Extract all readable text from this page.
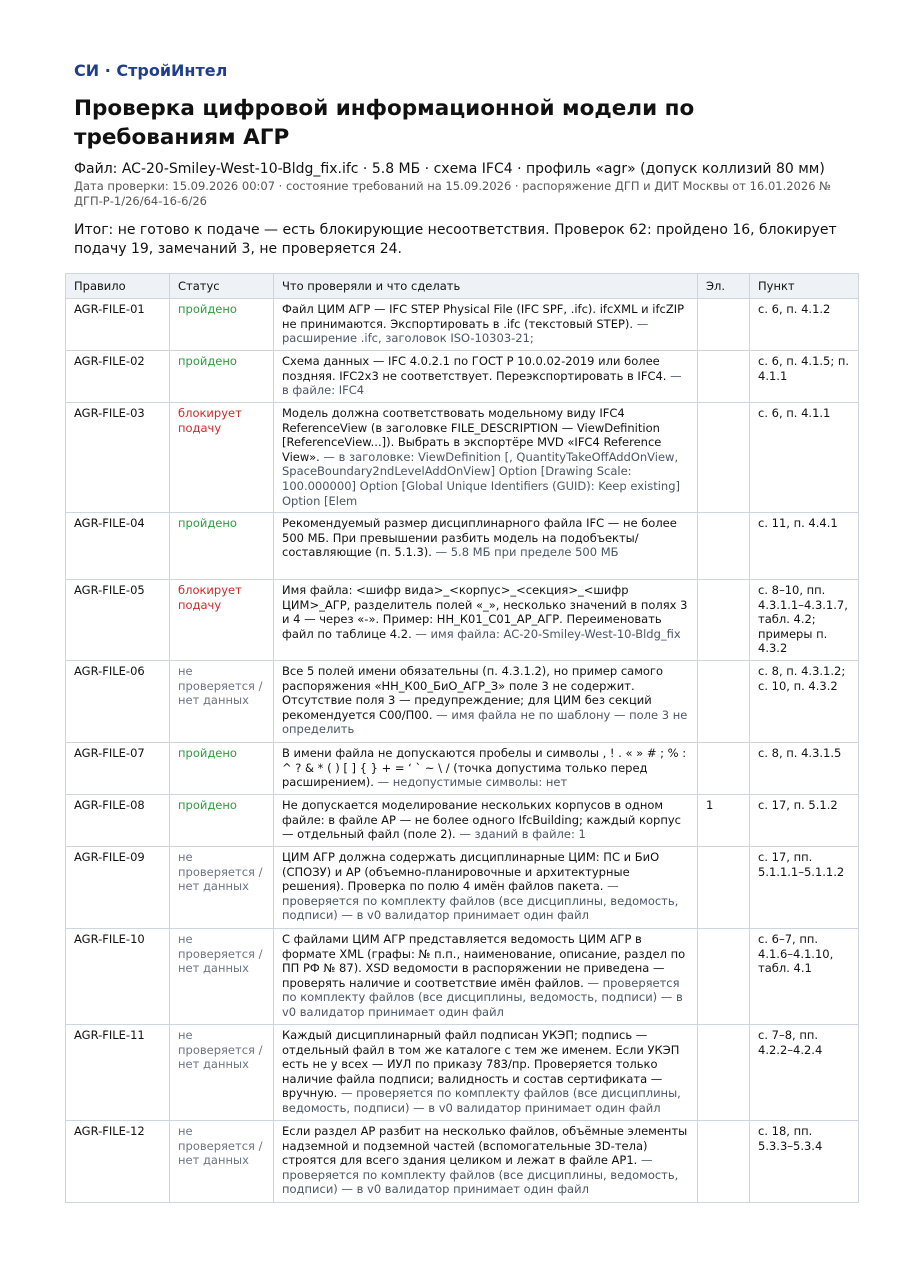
СИ · СтройИнтел
Проверка цифровой информационной модели по требованиям АГР
Файл: AC-20-Smiley-West-10-Bldg_fix.ifc · 5.8 МБ · схема IFC4 · профиль «agr» (допуск коллизий 80 мм)
Дата проверки: 15.09.2026 00:07 · состояние требований на 15.09.2026 · распоряжение ДГП и ДИТ Москвы от 16.01.2026 № ДГП-Р-1/26/64-16-6/26
Итог: не готово к подаче — есть блокирующие несоответствия. Проверок 62: пройдено 16, блокирует подачу 19, замечаний 3, не проверяется 24.
Правило	Статус	Что проверяли и что сделать	Эл.	Пункт
AGR-FILE-01	пройдено	Файл ЦИМ АГР — IFC STEP Physical File (IFC SPF, .ifc). ifcXML и ifcZIP не принимаются. Экспортировать в .ifc (текстовый STEP). — расширение .ifc, заголовок ISO-10303-21;		с. 6, п. 4.1.2
AGR-FILE-02	пройдено	Схема данных — IFC 4.0.2.1 по ГОСТ Р 10.0.02-2019 или более поздняя. IFC2x3 не соответствует. Переэкспортировать в IFC4. — в файле: IFC4		с. 6, п. 4.1.5; п. 4.1.1
AGR-FILE-03	блокирует подачу	Модель должна соответствовать модельному виду IFC4 ReferenceView (в заголовке FILE_DESCRIPTION — ViewDefinition [ReferenceView...]). Выбрать в экспортёре MVD «IFC4 Reference View». — в заголовке: ViewDefinition [, QuantityTakeOffAddOnView, SpaceBoundary2ndLevelAddOnView] Option [Drawing Scale: 100.000000] Option [Global Unique Identifiers (GUID): Keep existing] Option [Elem		с. 6, п. 4.1.1
AGR-FILE-04	пройдено	Рекомендуемый размер дисциплинарного файла IFC — не более 500 МБ. При превышении разбить модель на подобъекты/составляющие (п. 5.1.3). — 5.8 МБ при пределе 500 МБ		с. 11, п. 4.4.1
AGR-FILE-05	блокирует подачу	Имя файла: <шифр вида>_<корпус>_<секция>_<шифр ЦИМ>_АГР, разделитель полей «_», несколько значений в полях 3 и 4 — через «-». Пример: НН_К01_С01_АР_АГР. Переименовать файл по таблице 4.2. — имя файла: AC-20-Smiley-West-10-Bldg_fix		с. 8–10, пп. 4.3.1.1–4.3.1.7, табл. 4.2; примеры п. 4.3.2
AGR-FILE-06	не проверяется / нет данных	Все 5 полей имени обязательны (п. 4.3.1.2), но пример самого распоряжения «НН_К00_БиО_АГР_З» поле 3 не содержит. Отсутствие поля 3 — предупреждение; для ЦИМ без секций рекомендуется С00/П00. — имя файла не по шаблону — поле 3 не определить		с. 8, п. 4.3.1.2; с. 10, п. 4.3.2
AGR-FILE-07	пройдено	В имени файла не допускаются пробелы и символы , ! . « » # ; % : ^ ? & * ( ) [ ] { } + = ‘ ` ~ \ / (точка допустима только перед расширением). — недопустимые символы: нет		с. 8, п. 4.3.1.5
AGR-FILE-08	пройдено	Не допускается моделирование нескольких корпусов в одном файле: в файле АР — не более одного IfcBuilding; каждый корпус — отдельный файл (поле 2). — зданий в файле: 1	1	с. 17, п. 5.1.2
AGR-FILE-09	не проверяется / нет данных	ЦИМ АГР должна содержать дисциплинарные ЦИМ: ПС и БиО (СПОЗУ) и АР (объемно-планировочные и архитектурные решения). Проверка по полю 4 имён файлов пакета. — проверяется по комплекту файлов (все дисциплины, ведомость, подписи) — в v0 валидатор принимает один файл		с. 17, пп. 5.1.1.1–5.1.1.2
AGR-FILE-10	не проверяется / нет данных	С файлами ЦИМ АГР представляется ведомость ЦИМ АГР в формате XML (графы: № п.п., наименование, описание, раздел по ПП РФ № 87). XSD ведомости в распоряжении не приведена — проверять наличие и соответствие имён файлов. — проверяется по комплекту файлов (все дисциплины, ведомость, подписи) — в v0 валидатор принимает один файл		с. 6–7, пп. 4.1.6–4.1.10, табл. 4.1
AGR-FILE-11	не проверяется / нет данных	Каждый дисциплинарный файл подписан УКЭП; подпись — отдельный файл в том же каталоге с тем же именем. Если УКЭП есть не у всех — ИУЛ по приказу 783/пр. Проверяется только наличие файла подписи; валидность и состав сертификата — вручную. — проверяется по комплекту файлов (все дисциплины, ведомость, подписи) — в v0 валидатор принимает один файл		с. 7–8, пп. 4.2.2–4.2.4
AGR-FILE-12	не проверяется / нет данных	Если раздел АР разбит на несколько файлов, объёмные элементы надземной и подземной частей (вспомогательные 3D-тела) строятся для всего здания целиком и лежат в файле АР1. — проверяется по комплекту файлов (все дисциплины, ведомость, подписи) — в v0 валидатор принимает один файл		с. 18, пп. 5.3.3–5.3.4
